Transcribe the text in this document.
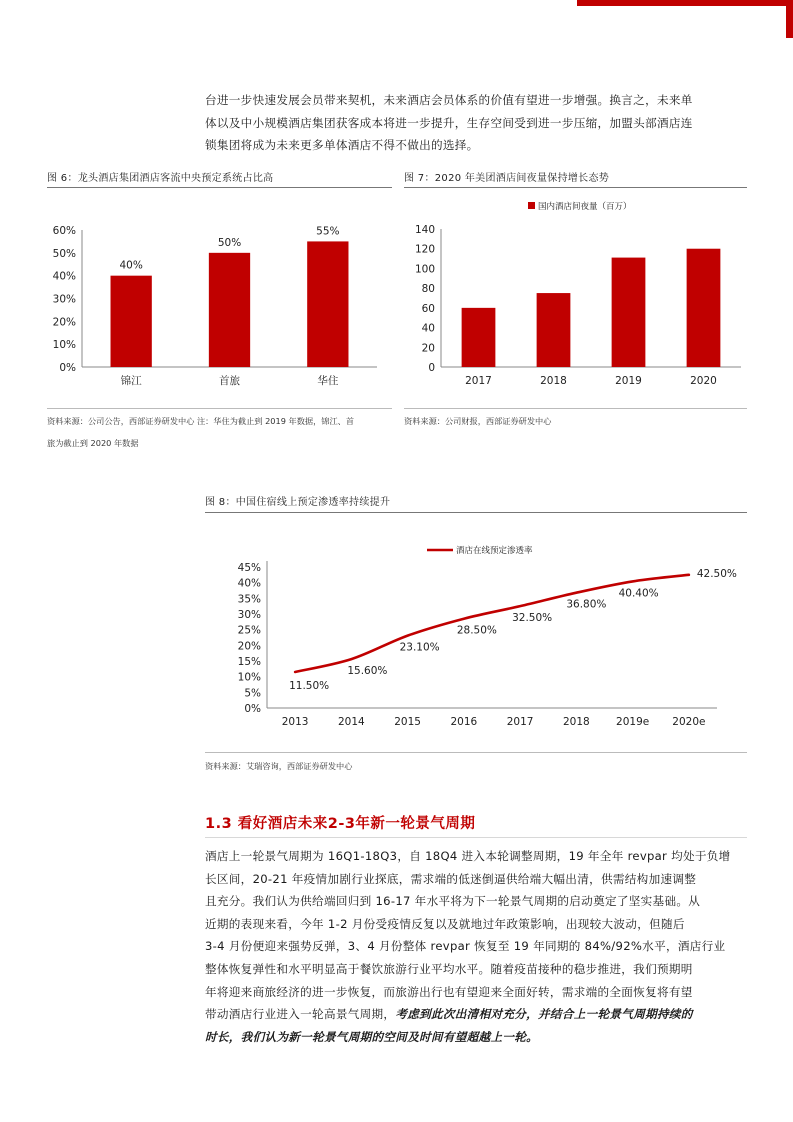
台进一步快速发展会员带来契机，未来酒店会员体系的价值有望进一步增强。换言之，未来单
体以及中小规模酒店集团获客成本将进一步提升，生存空间受到进一步压缩，加盟头部酒店连
锁集团将成为未来更多单体酒店不得不做出的选择。
图 6：龙头酒店集团酒店客流中央预定系统占比高
0%
10%
20%
30%
40%
50%
60%
40%
锦江
50%
首旅
55%
华住
资料来源：公司公告，西部证券研发中心 注：华住为截止到 2019 年数据，锦江、首
旅为截止到 2020 年数据
图 7：2020 年美团酒店间夜量保持增长态势
0
20
40
60
80
100
120
140
2017	2018	2019	2020
国内酒店间夜量（百万）
资料来源：公司财报，西部证券研发中心
图 8：中国住宿线上预定渗透率持续提升
0%
5%
10%
15%
20%
25%
30%
35%
40%
45%
11.50%
15.60%
23.10%
28.50%
32.50%
36.80%
40.40%
42.50%
2013	2014	2015	2016	2017	2018	2019e 2020e
酒店在线预定渗透率
资料来源：艾瑞咨询，西部证券研发中心
1.3 看好酒店未来2-3年新一轮景气周期
酒店上一轮景气周期为 16Q1-18Q3，自 18Q4 进入本轮调整周期，19 年全年 revpar 均处于负增
长区间，20-21 年疫情加剧行业探底，需求端的低迷倒逼供给端大幅出清，供需结构加速调整
且充分。我们认为供给端回归到 16-17 年水平将为下一轮景气周期的启动奠定了坚实基础。从
近期的表现来看，今年 1-2 月份受疫情反复以及就地过年政策影响，出现较大波动，但随后
3-4 月份便迎来强势反弹，3、4 月份整体 revpar 恢复至 19 年同期的 84%/92%水平，酒店行业
整体恢复弹性和水平明显高于餐饮旅游行业平均水平。随着疫苗接种的稳步推进，我们预期明
年将迎来商旅经济的进一步恢复，而旅游出行也有望迎来全面好转，需求端的全面恢复将有望
带动酒店行业进入一轮高景气周期，考虑到此次出清相对充分，并结合上一轮景气周期持续的
时长，我们认为新一轮景气周期的空间及时间有望超越上一轮。
